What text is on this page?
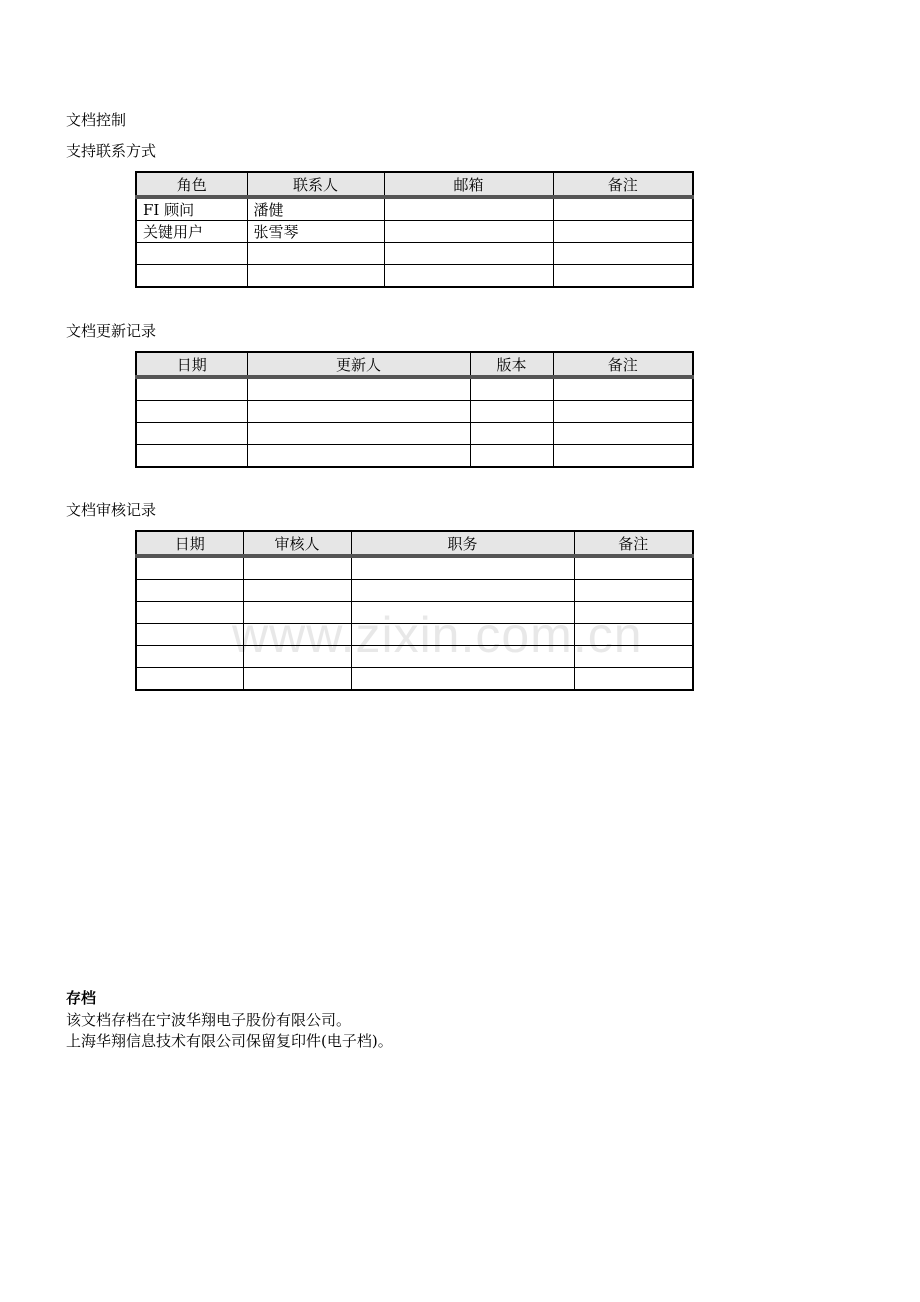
文档控制
支持联系方式
角色	联系人	邮箱	备注
FI 顾问	潘健		
关键用户	张雪琴		

文档更新记录
日期	更新人	版本	备注

文档审核记录
日期	审核人	职务	备注

www.zixin.com.cn
存档
该文档存档在宁波华翔电子股份有限公司。
上海华翔信息技术有限公司保留复印件(电子档)。
